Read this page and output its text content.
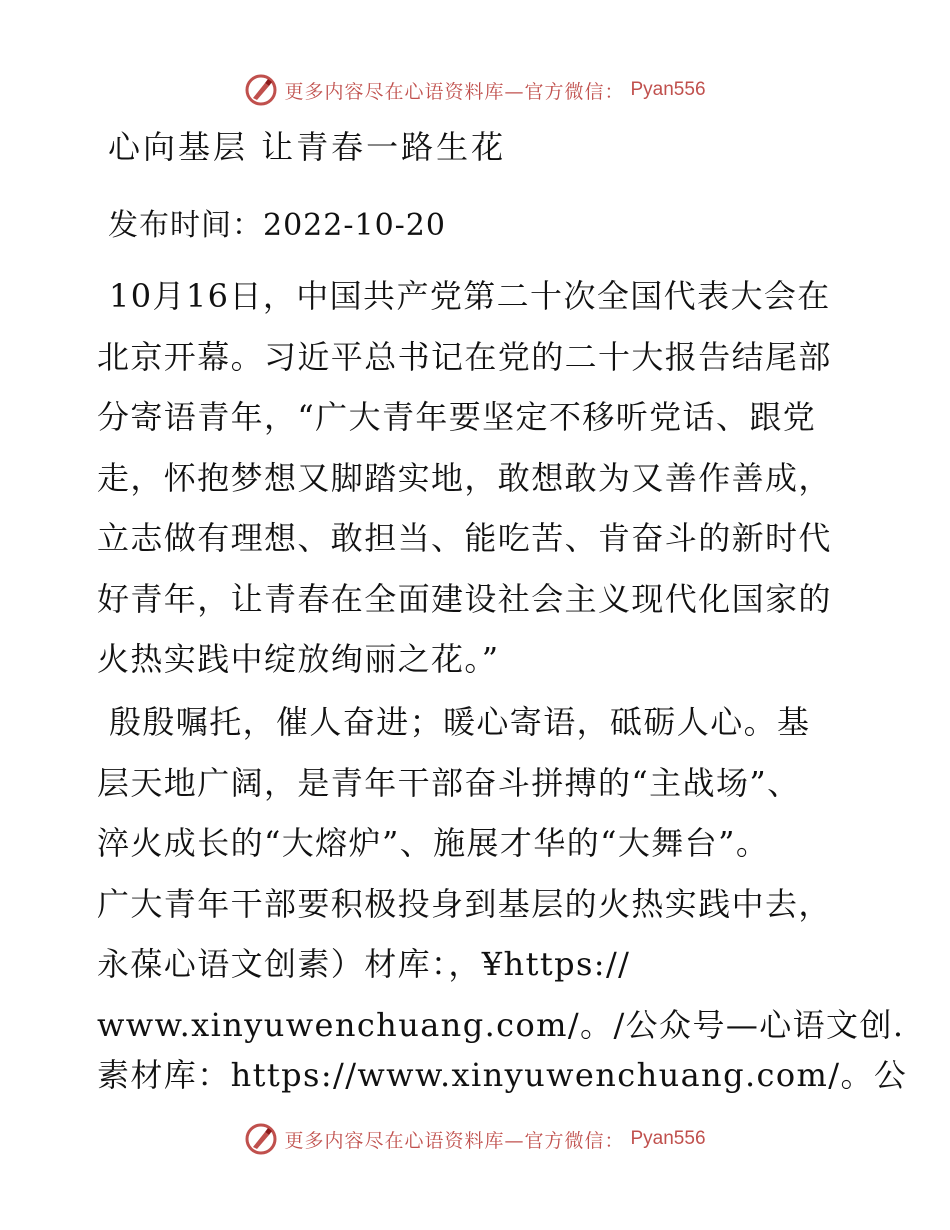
更多内容尽在心语资料库—官方微信： Pyan556
心向基层 让青春一路生花
发布时间：2022-10-20
10月16日，中国共产党第二十次全国代表大会在
北京开幕。习近平总书记在党的二十大报告结尾部
分寄语青年，“广大青年要坚定不移听党话、跟党
走，怀抱梦想又脚踏实地，敢想敢为又善作善成，
立志做有理想、敢担当、能吃苦、肯奋斗的新时代
好青年，让青春在全面建设社会主义现代化国家的
火热实践中绽放绚丽之花。”
殷殷嘱托，催人奋进；暖心寄语，砥砺人心。基
层天地广阔，是青年干部奋斗拼搏的“主战场”、
淬火成长的“大熔炉”、施展才华的“大舞台”。
广大青年干部要积极投身到基层的火热实践中去，
永葆心语文创素）材库：，¥https://
www.xinyuwenchuang.com/。/公众号—心语文创.
素材库：https://www.xinyuwenchuang.com/。公
更多内容尽在心语资料库—官方微信： Pyan556
